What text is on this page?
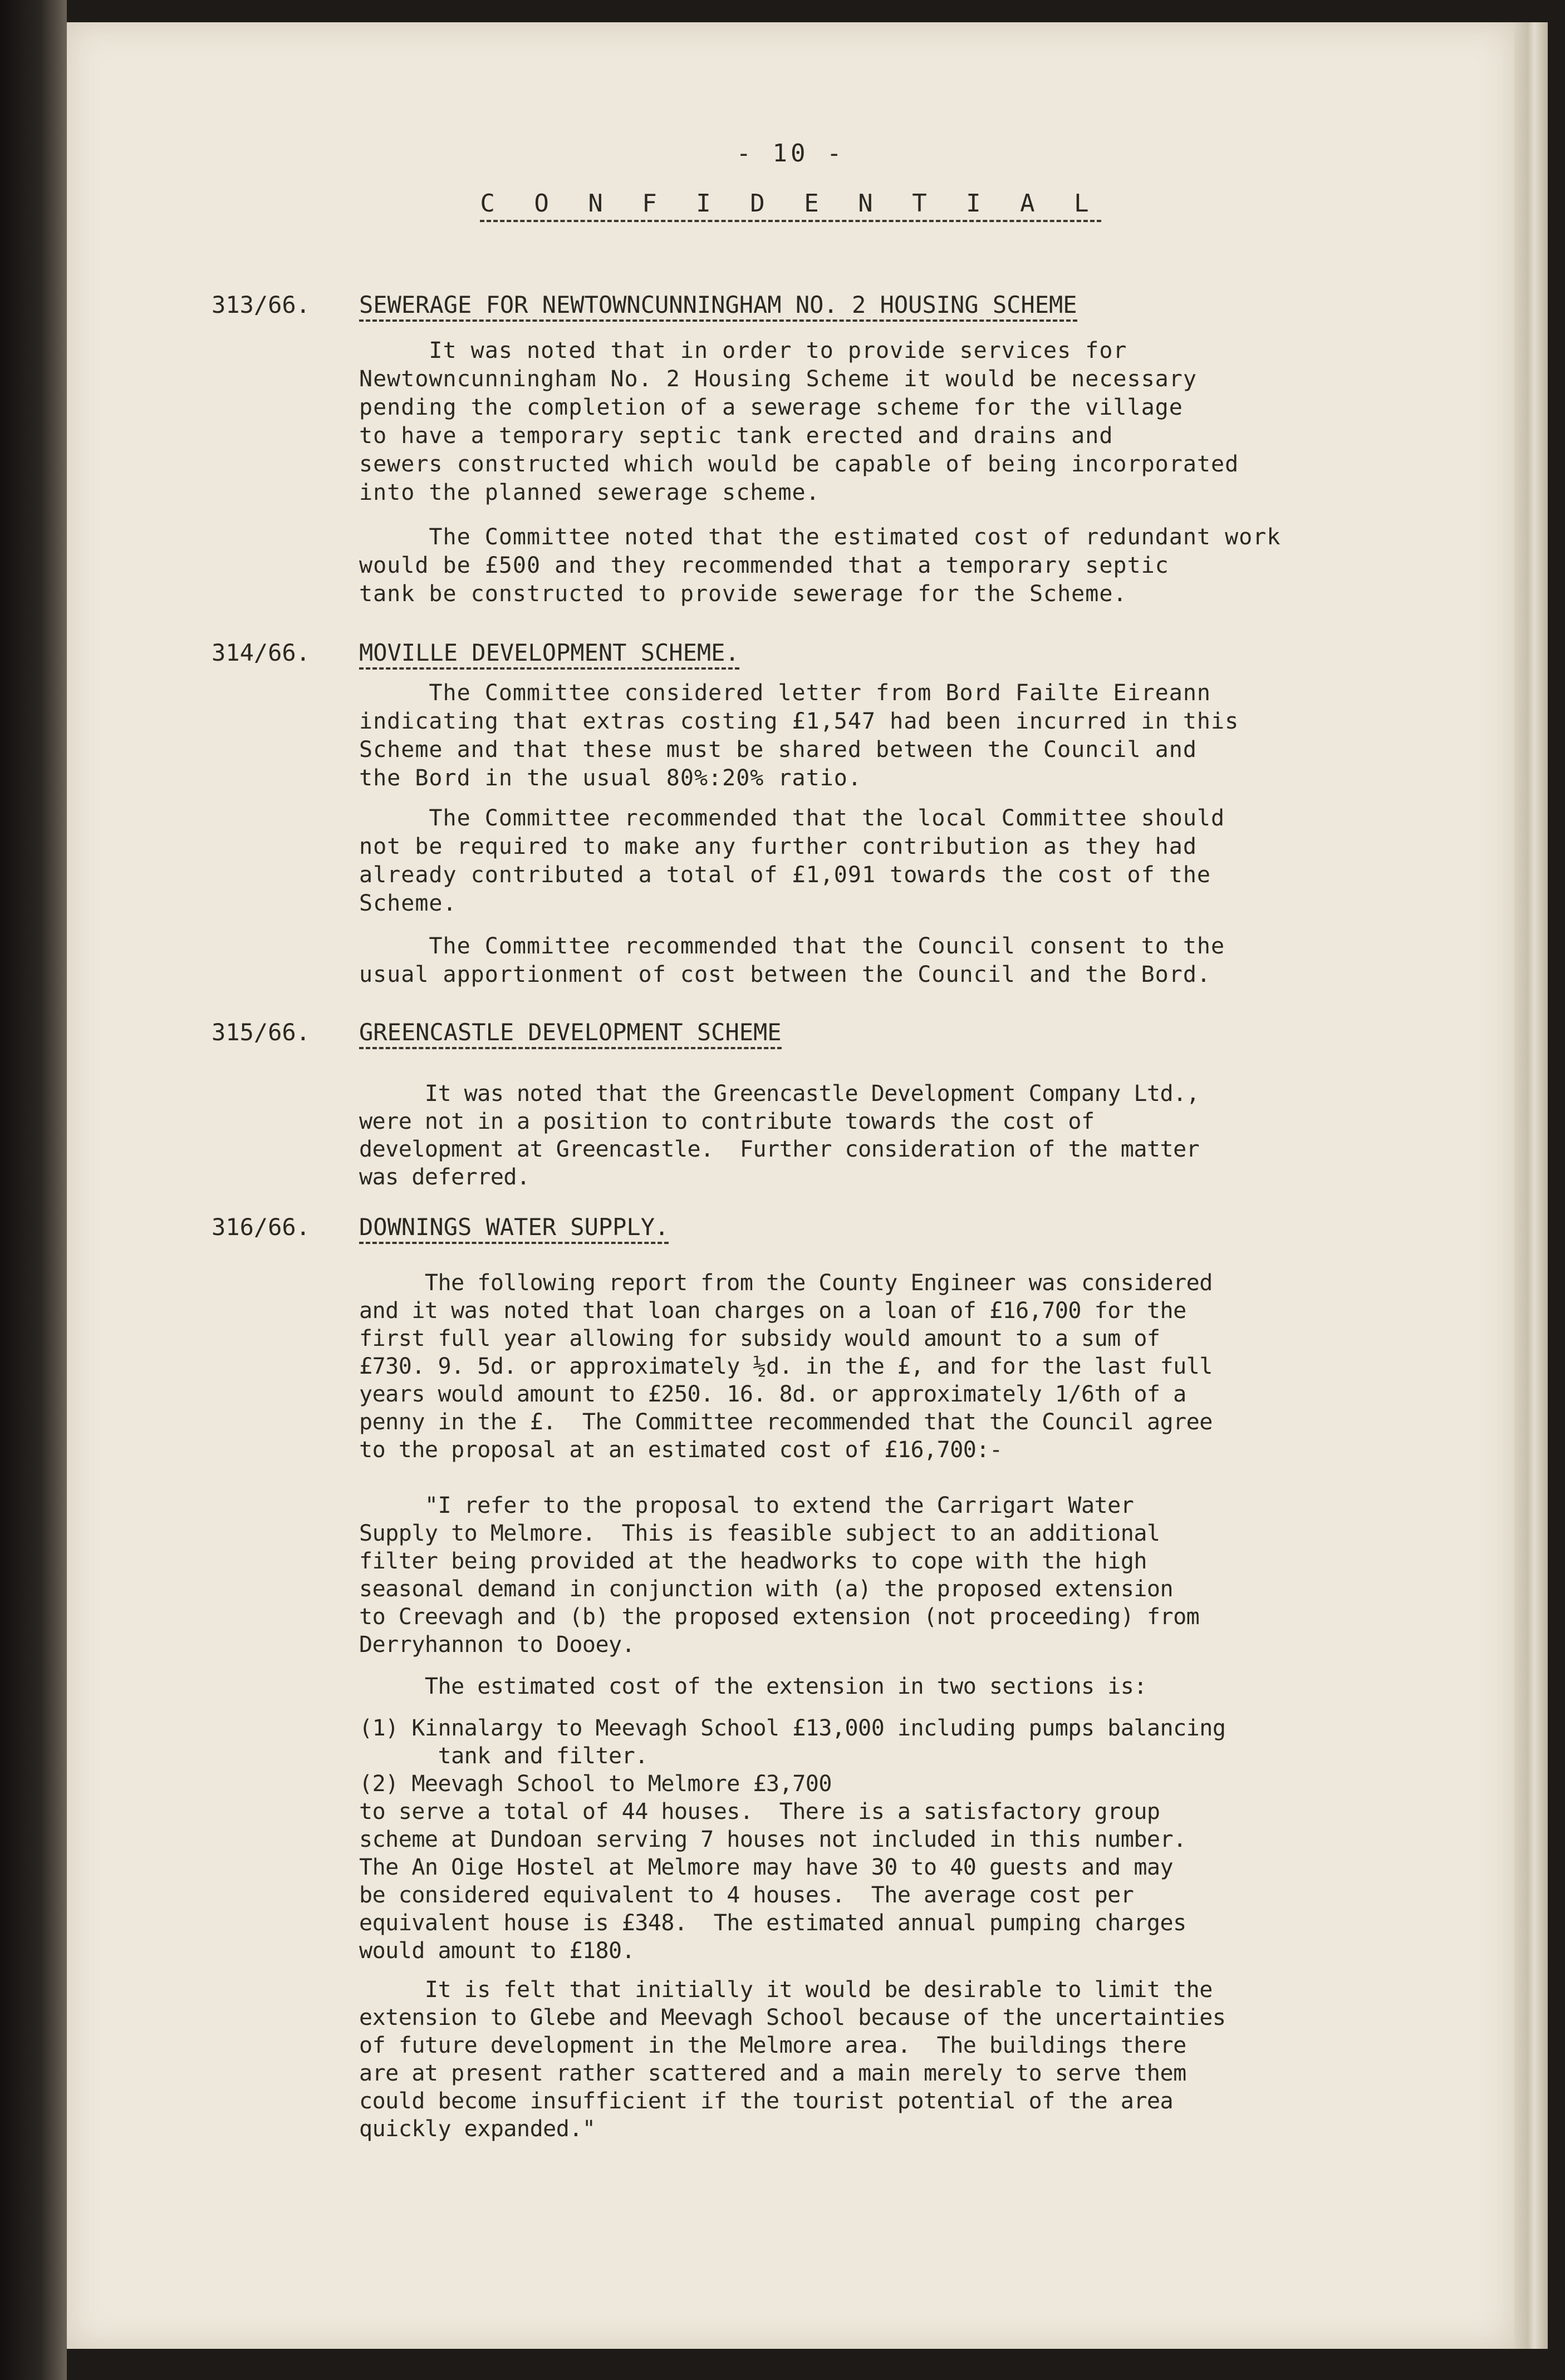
- 10 -
C O N F I D E N T I A L
313/66. SEWERAGE FOR NEWTOWNCUNNINGHAM NO. 2 HOUSING SCHEME
It was noted that in order to provide services for
Newtowncunningham No. 2 Housing Scheme it would be necessary
pending the completion of a sewerage scheme for the village
to have a temporary septic tank erected and drains and
sewers constructed which would be capable of being incorporated
into the planned sewerage scheme.
The Committee noted that the estimated cost of redundant work
would be £500 and they recommended that a temporary septic
tank be constructed to provide sewerage for the Scheme.
314/66. MOVILLE DEVELOPMENT SCHEME.
The Committee considered letter from Bord Failte Eireann
indicating that extras costing £1,547 had been incurred in this
Scheme and that these must be shared between the Council and
the Bord in the usual 80%:20% ratio.
The Committee recommended that the local Committee should
not be required to make any further contribution as they had
already contributed a total of £1,091 towards the cost of the
Scheme.
The Committee recommended that the Council consent to the
usual apportionment of cost between the Council and the Bord.
315/66. GREENCASTLE DEVELOPMENT SCHEME
It was noted that the Greencastle Development Company Ltd.,
were not in a position to contribute towards the cost of
development at Greencastle.  Further consideration of the matter
was deferred.
316/66. DOWNINGS WATER SUPPLY.
The following report from the County Engineer was considered
and it was noted that loan charges on a loan of £16,700 for the
first full year allowing for subsidy would amount to a sum of
£730. 9. 5d. or approximately ½d. in the £, and for the last full
years would amount to £250. 16. 8d. or approximately 1/6th of a
penny in the £.  The Committee recommended that the Council agree
to the proposal at an estimated cost of £16,700:-
"I refer to the proposal to extend the Carrigart Water
Supply to Melmore.  This is feasible subject to an additional
filter being provided at the headworks to cope with the high
seasonal demand in conjunction with (a) the proposed extension
to Creevagh and (b) the proposed extension (not proceeding) from
Derryhannon to Dooey.
The estimated cost of the extension in two sections is:
(1) Kinnalargy to Meevagh School £13,000 including pumps balancing
tank and filter.
(2) Meevagh School to Melmore £3,700
to serve a total of 44 houses.  There is a satisfactory group
scheme at Dundoan serving 7 houses not included in this number.
The An Oige Hostel at Melmore may have 30 to 40 guests and may
be considered equivalent to 4 houses.  The average cost per
equivalent house is £348.  The estimated annual pumping charges
would amount to £180.
It is felt that initially it would be desirable to limit the
extension to Glebe and Meevagh School because of the uncertainties
of future development in the Melmore area.  The buildings there
are at present rather scattered and a main merely to serve them
could become insufficient if the tourist potential of the area
quickly expanded."
